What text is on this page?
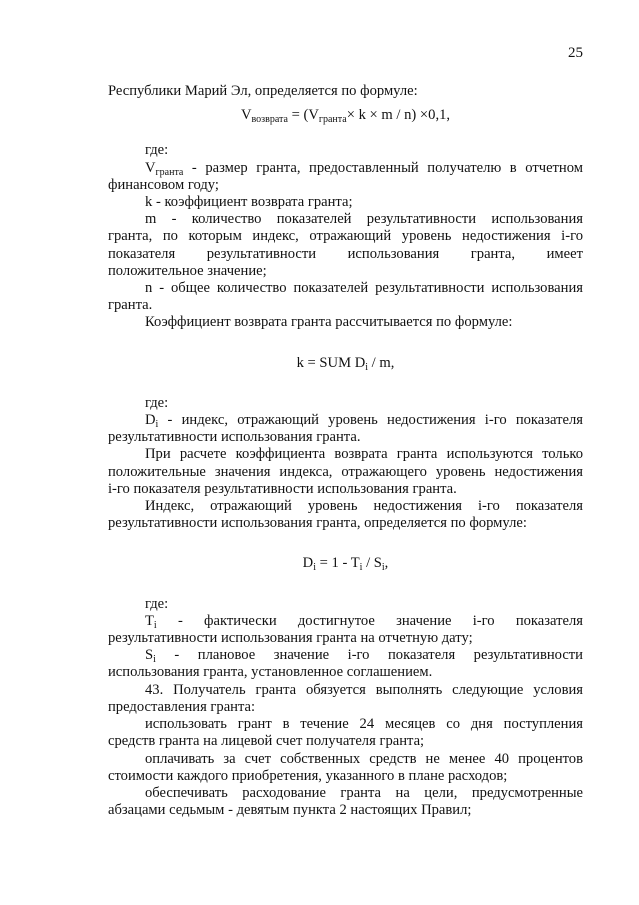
25

Республики Марий Эл, определяется по формуле:

$V_{возврата} = (V_{гранта}\times k \times m / n) \times 0,1$,

где:

$V_{гранта}$ - размер гранта, предоставленный получателю в отчетном

финансовом году;

k - коэффициент возврата гранта;

m - количество показателей результативности использования

гранта, по которым индекс, отражающий уровень недостижения i-го

показателя результативности использования гранта, имеет

положительное значение;

n - общее количество показателей результативности использования

гранта.

Коэффициент возврата гранта рассчитывается по формуле:

k = SUM $D_i$ / m,

где:

$D_i$ - индекс, отражающий уровень недостижения i-го показателя

результативности использования гранта.

При расчете коэффициента возврата гранта используются только

положительные значения индекса, отражающего уровень недостижения

i-го показателя результативности использования гранта.

Индекс, отражающий уровень недостижения i-го показателя

результативности использования гранта, определяется по формуле:

$D_i = 1 - T_i / S_i$,

где:

$T_i$ - фактически достигнутое значение i-го показателя

результативности использования гранта на отчетную дату;

$S_i$ - плановое значение i-го показателя результативности

использования гранта, установленное соглашением.

43. Получатель гранта обязуется выполнять следующие условия

предоставления гранта:

использовать грант в течение 24 месяцев со дня поступления

средств гранта на лицевой счет получателя гранта;

оплачивать за счет собственных средств не менее 40 процентов

стоимости каждого приобретения, указанного в плане расходов;

обеспечивать расходование гранта на цели, предусмотренные

абзацами седьмым - девятым пункта 2 настоящих Правил;
